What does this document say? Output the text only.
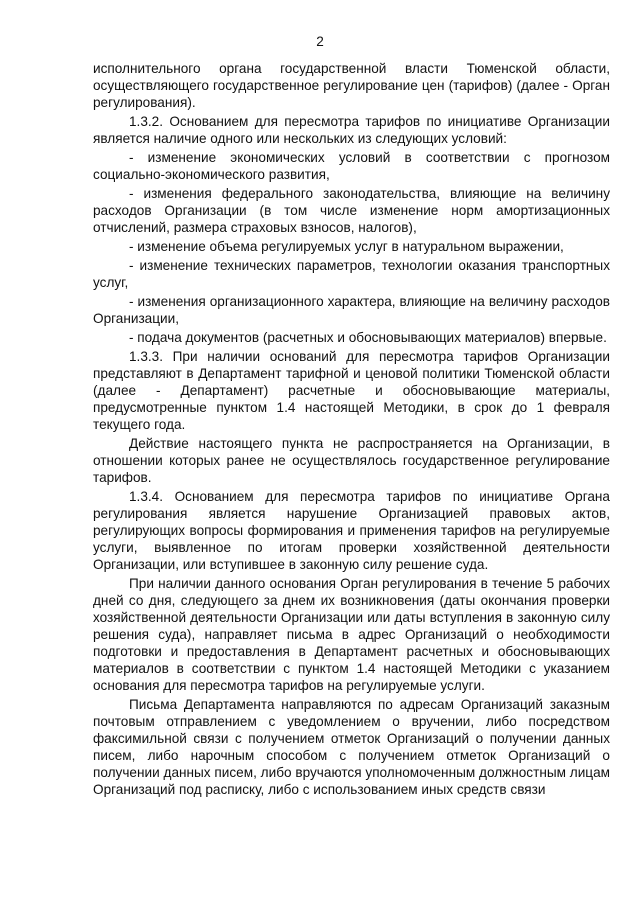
2

исполнительного органа государственной власти Тюменской области, осуществляющего государственное регулирование цен (тарифов) (далее - Орган регулирования).

1.3.2. Основанием для пересмотра тарифов по инициативе Организации является наличие одного или нескольких из следующих условий:

- изменение экономических условий в соответствии с прогнозом социально-экономического развития,

- изменения федерального законодательства, влияющие на величину расходов Организации (в том числе изменение норм амортизационных отчислений, размера страховых взносов, налогов),

- изменение объема регулируемых услуг в натуральном выражении,

- изменение технических параметров, технологии оказания транспортных услуг,

- изменения организационного характера, влияющие на величину расходов Организации,

- подача документов (расчетных и обосновывающих материалов) впервые.

1.3.3. При наличии оснований для пересмотра тарифов Организации представляют в Департамент тарифной и ценовой политики Тюменской области (далее - Департамент) расчетные и обосновывающие материалы, предусмотренные пунктом 1.4 настоящей Методики, в срок до 1 февраля текущего года.

Действие настоящего пункта не распространяется на Организации, в отношении которых ранее не осуществлялось государственное регулирование тарифов.

1.3.4. Основанием для пересмотра тарифов по инициативе Органа регулирования является нарушение Организацией правовых актов, регулирующих вопросы формирования и применения тарифов на регулируемые услуги, выявленное по итогам проверки хозяйственной деятельности Организации, или вступившее в законную силу решение суда.

При наличии данного основания Орган регулирования в течение 5 рабочих дней со дня, следующего за днем их возникновения (даты окончания проверки хозяйственной деятельности Организации или даты вступления в законную силу решения суда), направляет письма в адрес Организаций о необходимости подготовки и предоставления в Департамент расчетных и обосновывающих материалов в соответствии с пунктом 1.4 настоящей Методики с указанием основания для пересмотра тарифов на регулируемые услуги.

Письма Департамента направляются по адресам Организаций заказным почтовым отправлением с уведомлением о вручении, либо посредством факсимильной связи с получением отметок Организаций о получении данных писем, либо нарочным способом с получением отметок Организаций о получении данных писем, либо вручаются уполномоченным должностным лицам Организаций под расписку, либо с использованием иных средств связи
